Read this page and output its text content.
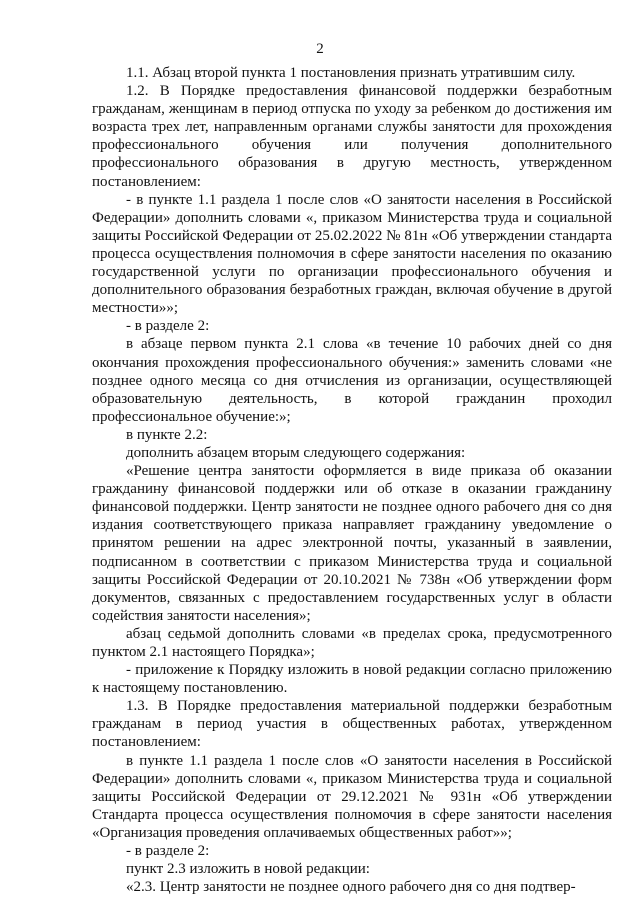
2

1.1. Абзац второй пункта 1 постановления признать утратившим силу.

1.2. В Порядке предоставления финансовой поддержки безработным гражданам, женщинам в период отпуска по уходу за ребенком до достижения им возраста трех лет, направленным органами службы занятости для прохождения профессионального обучения или получения дополнительного профессионального образования в другую местность, утвержденном постановлением:

- в пункте 1.1 раздела 1 после слов «О занятости населения в Российской Федерации» дополнить словами «, приказом Министерства труда и социальной защиты Российской Федерации от 25.02.2022 № 81н «Об утверждении стандарта процесса осуществления полномочия в сфере занятости населения по оказанию государственной услуги по организации профессионального обучения и дополнительного образования безработных граждан, включая обучение в другой местности»»;

- в разделе 2:

в абзаце первом пункта 2.1 слова «в течение 10 рабочих дней со дня окончания прохождения профессионального обучения:» заменить словами «не позднее одного месяца со дня отчисления из организации, осуществляющей образовательную деятельность, в которой гражданин проходил профессиональное обучение:»;

в пункте 2.2:

дополнить абзацем вторым следующего содержания:

«Решение центра занятости оформляется в виде приказа об оказании гражданину финансовой поддержки или об отказе в оказании гражданину финансовой поддержки. Центр занятости не позднее одного рабочего дня со дня издания соответствующего приказа направляет гражданину уведомление о принятом решении на адрес электронной почты, указанный в заявлении, подписанном в соответствии с приказом Министерства труда и социальной защиты Российской Федерации от 20.10.2021 № 738н «Об утверждении форм документов, связанных с предоставлением государственных услуг в области содействия занятости населения»;

абзац седьмой дополнить словами «в пределах срока, предусмотренного пунктом 2.1 настоящего Порядка»;

- приложение к Порядку изложить в новой редакции согласно приложению к настоящему постановлению.

1.3. В Порядке предоставления материальной поддержки безработным гражданам в период участия в общественных работах, утвержденном постановлением:

в пункте 1.1 раздела 1 после слов «О занятости населения в Российской Федерации» дополнить словами «, приказом Министерства труда и социальной защиты Российской Федерации от 29.12.2021 № 931н «Об утверждении Стандарта процесса осуществления полномочия в сфере занятости населения «Организация проведения оплачиваемых общественных работ»»;

- в разделе 2:

пункт 2.3 изложить в новой редакции:

«2.3. Центр занятости не позднее одного рабочего дня со дня подтвер-
